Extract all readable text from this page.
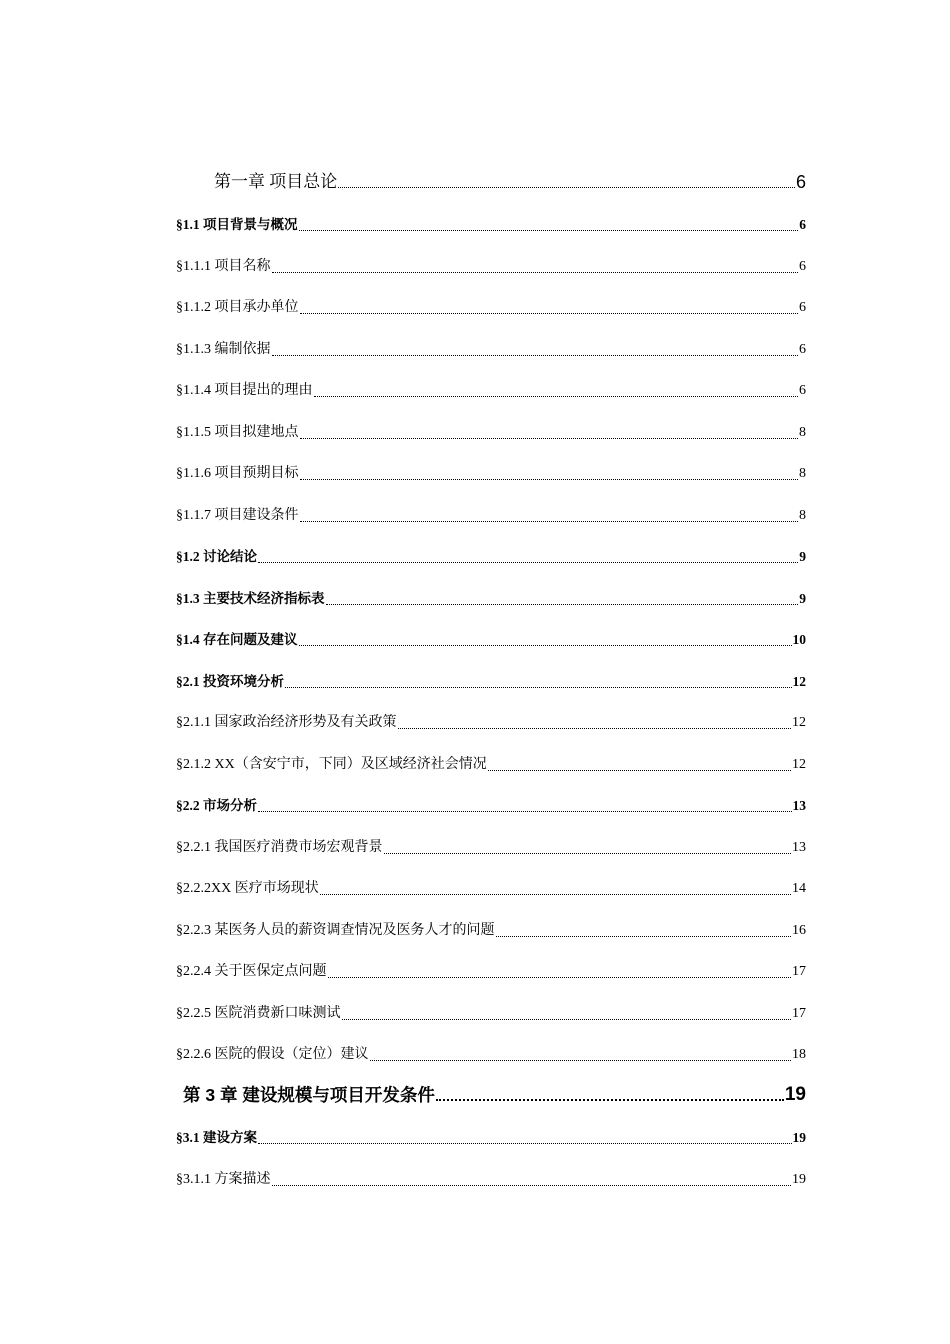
第一章 项目总论	6
§1.1 项目背景与概况	6
§1.1.1 项目名称	6
§1.1.2 项目承办单位	6
§1.1.3 编制依据	6
§1.1.4 项目提出的理由	6
§1.1.5 项目拟建地点	8
§1.1.6 项目预期目标	8
§1.1.7 项目建设条件	8
§1.2 讨论结论	9
§1.3 主要技术经济指标表	9
§1.4 存在问题及建议	10
§2.1 投资环境分析	12
§2.1.1 国家政治经济形势及有关政策	12
§2.1.2 XX（含安宁市，下同）及区域经济社会情况	12
§2.2 市场分析	13
§2.2.1 我国医疗消费市场宏观背景	13
§2.2.2XX 医疗市场现状	14
§2.2.3 某医务人员的薪资调查情况及医务人才的问题	16
§2.2.4 关于医保定点问题	17
§2.2.5 医院消费新口味测试	17
§2.2.6 医院的假设（定位）建议	18
第 3 章 建设规模与项目开发条件	19
§3.1 建设方案	19
§3.1.1 方案描述	19
